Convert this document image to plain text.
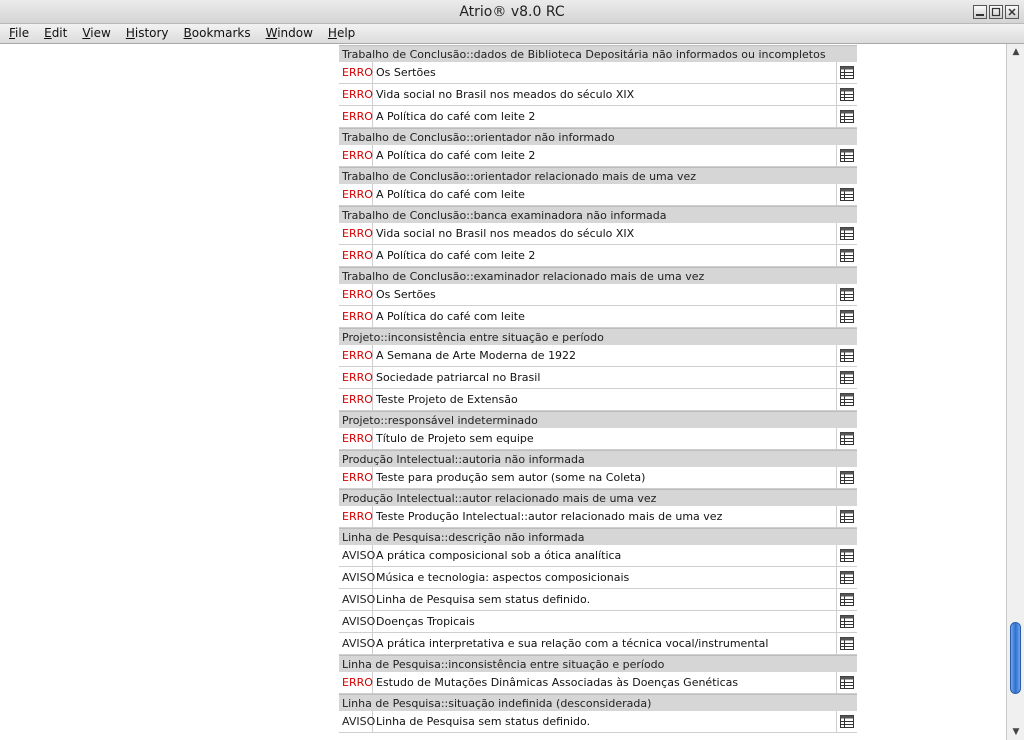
Atrio® v8.0 RC
File	Edit	View	History	Bookmarks	Window	Help
Trabalho de Conclusão::dados de Biblioteca Depositária não informados ou incompletos
ERRO Os Sertões
ERRO Vida social no Brasil nos meados do século XIX
ERRO A Política do café com leite 2
Trabalho de Conclusão::orientador não informado
ERRO A Política do café com leite 2
Trabalho de Conclusão::orientador relacionado mais de uma vez
ERRO A Política do café com leite
Trabalho de Conclusão::banca examinadora não informada
ERRO Vida social no Brasil nos meados do século XIX
ERRO A Política do café com leite 2
Trabalho de Conclusão::examinador relacionado mais de uma vez
ERRO Os Sertões
ERRO A Política do café com leite
Projeto::inconsistência entre situação e período
ERRO A Semana de Arte Moderna de 1922
ERRO Sociedade patriarcal no Brasil
ERRO Teste Projeto de Extensão
Projeto::responsável indeterminado
ERRO Título de Projeto sem equipe
Produção Intelectual::autoria não informada
ERRO Teste para produção sem autor (some na Coleta)
Produção Intelectual::autor relacionado mais de uma vez
ERRO Teste Produção Intelectual::autor relacionado mais de uma vez
Linha de Pesquisa::descrição não informada
AVISO A prática composicional sob a ótica analítica
AVISO Música e tecnologia: aspectos composicionais
AVISO Linha de Pesquisa sem status definido.
AVISO Doenças Tropicais
AVISO A prática interpretativa e sua relação com a técnica vocal/instrumental
Linha de Pesquisa::inconsistência entre situação e período
ERRO Estudo de Mutações Dinâmicas Associadas às Doenças Genéticas
Linha de Pesquisa::situação indefinida (desconsiderada)
AVISO Linha de Pesquisa sem status definido.
▲
▼
